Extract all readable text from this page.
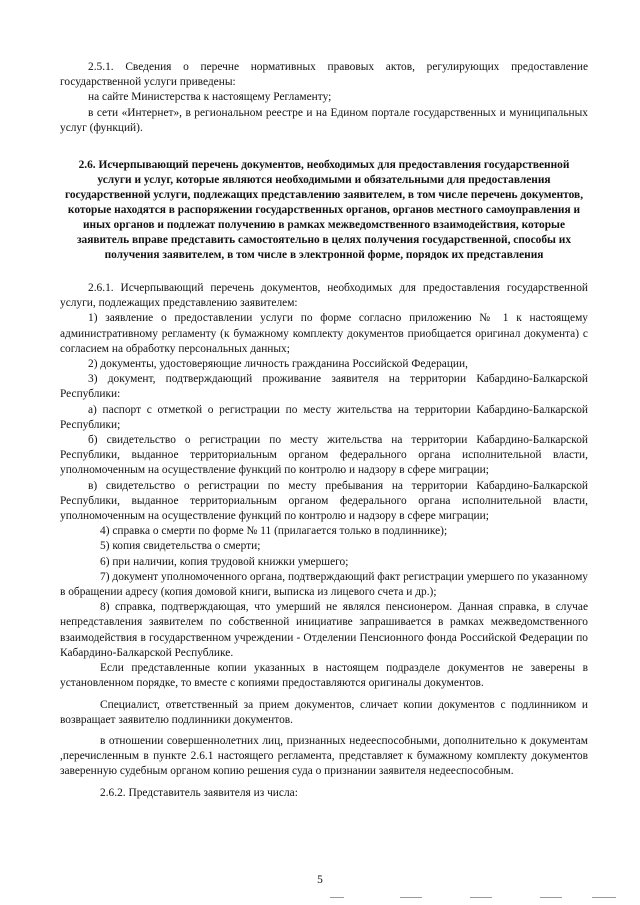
2.5.1. Сведения о перечне нормативных правовых актов, регулирующих предоставление государственной услуги приведены:

на сайте Министерства к настоящему Регламенту;

в сети «Интернет», в региональном реестре и на Едином портале государственных и муниципальных услуг (функций).

2.6. Исчерпывающий перечень документов, необходимых для предоставления государственной услуги и услуг, которые являются необходимыми и обязательными для предоставления государственной услуги, подлежащих представлению заявителем, в том числе перечень документов, которые находятся в распоряжении государственных органов, органов местного самоуправления и иных органов и подлежат получению в рамках межведомственного взаимодействия, которые заявитель вправе представить самостоятельно в целях получения государственной, способы их получения заявителем, в том числе в электронной форме, порядок их представления

2.6.1. Исчерпывающий перечень документов, необходимых для предоставления государственной услуги, подлежащих представлению заявителем:

1) заявление о предоставлении услуги по форме согласно приложению № 1 к настоящему административному регламенту (к бумажному комплекту документов приобщается оригинал документа) с согласием на обработку персональных данных;

2) документы, удостоверяющие личность гражданина Российской Федерации,

3) документ, подтверждающий проживание заявителя на территории Кабардино-Балкарской Республики:

а) паспорт с отметкой о регистрации по месту жительства на территории Кабардино-Балкарской Республики;

б) свидетельство о регистрации по месту жительства на территории Кабардино-Балкарской Республики, выданное территориальным органом федерального органа исполнительной власти, уполномоченным на осуществление функций по контролю и надзору в сфере миграции;

в) свидетельство о регистрации по месту пребывания на территории Кабардино-Балкарской Республики, выданное территориальным органом федерального органа исполнительной власти, уполномоченным на осуществление функций по контролю и надзору в сфере миграции;

4) справка о смерти по форме № 11 (прилагается только в подлиннике);

5) копия свидетельства о смерти;

6) при наличии, копия трудовой книжки умершего;

7) документ уполномоченного органа, подтверждающий факт регистрации умершего по указанному в обращении адресу (копия домовой книги, выписка из лицевого счета и др.);

8) справка, подтверждающая, что умерший не являлся пенсионером. Данная справка, в случае непредставления заявителем по собственной инициативе запрашивается в рамках межведомственного взаимодействия в государственном учреждении - Отделении Пенсионного фонда Российской Федерации по Кабардино-Балкарской Республике.

Если представленные копии указанных в настоящем подразделе документов не заверены в установленном порядке, то вместе с копиями предоставляются оригиналы документов.

Специалист, ответственный за прием документов, сличает копии документов с подлинником и возвращает заявителю подлинники документов.

в отношении совершеннолетних лиц, признанных недееспособными, дополнительно к документам ,перечисленным в пункте 2.6.1 настоящего регламента, представляет к бумажному комплекту документов заверенную судебным органом копию решения суда о признании заявителя недееспособным.

2.6.2. Представитель заявителя из числа:

5
